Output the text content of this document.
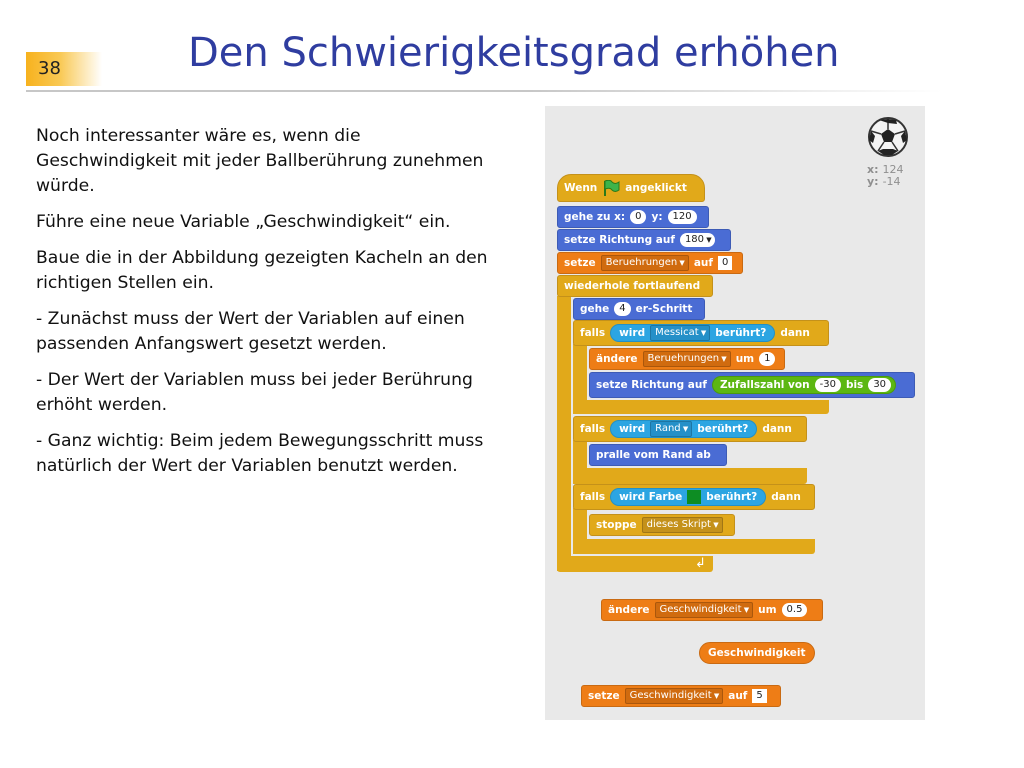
38	Den Schwierigkeitsgrad erhöhen

Noch interessanter wäre es, wenn die Geschwindigkeit mit jeder Ballberührung zunehmen würde.

Führe eine neue Variable „Geschwindigkeit“ ein.

Baue die in der Abbildung gezeigten Kacheln an den richtigen Stellen ein.

- Zunächst muss der Wert der Variablen auf einen passenden Anfangswert gesetzt werden.

- Der Wert der Variablen muss bei jeder Berührung erhöht werden.

- Ganz wichtig: Beim jedem Bewegungsschritt muss natürlich der Wert der Variablen benutzt werden.

x: 124
y: -14
Wenn	angeklickt
gehe zu x:	0 y:	120
setze Richtung auf	180 ▼
setze	Beruehrungen ▼	auf 0
wiederhole fortlaufend
gehe	4 er-Schritt
falls wird	Messicat ▼	berührt? dann
ändere	Beruehrungen ▼	um	1
setze Richtung auf Zufallszahl von	-30 bis	30
falls wird	Rand ▼	berührt? dann
pralle vom Rand ab
falls wird Farbe berührt? dann
stoppe	dieses Skript ▼
↲
ändere	Geschwindigkeit ▼	um	0.5
Geschwindigkeit
setze	Geschwindigkeit ▼	auf 5
